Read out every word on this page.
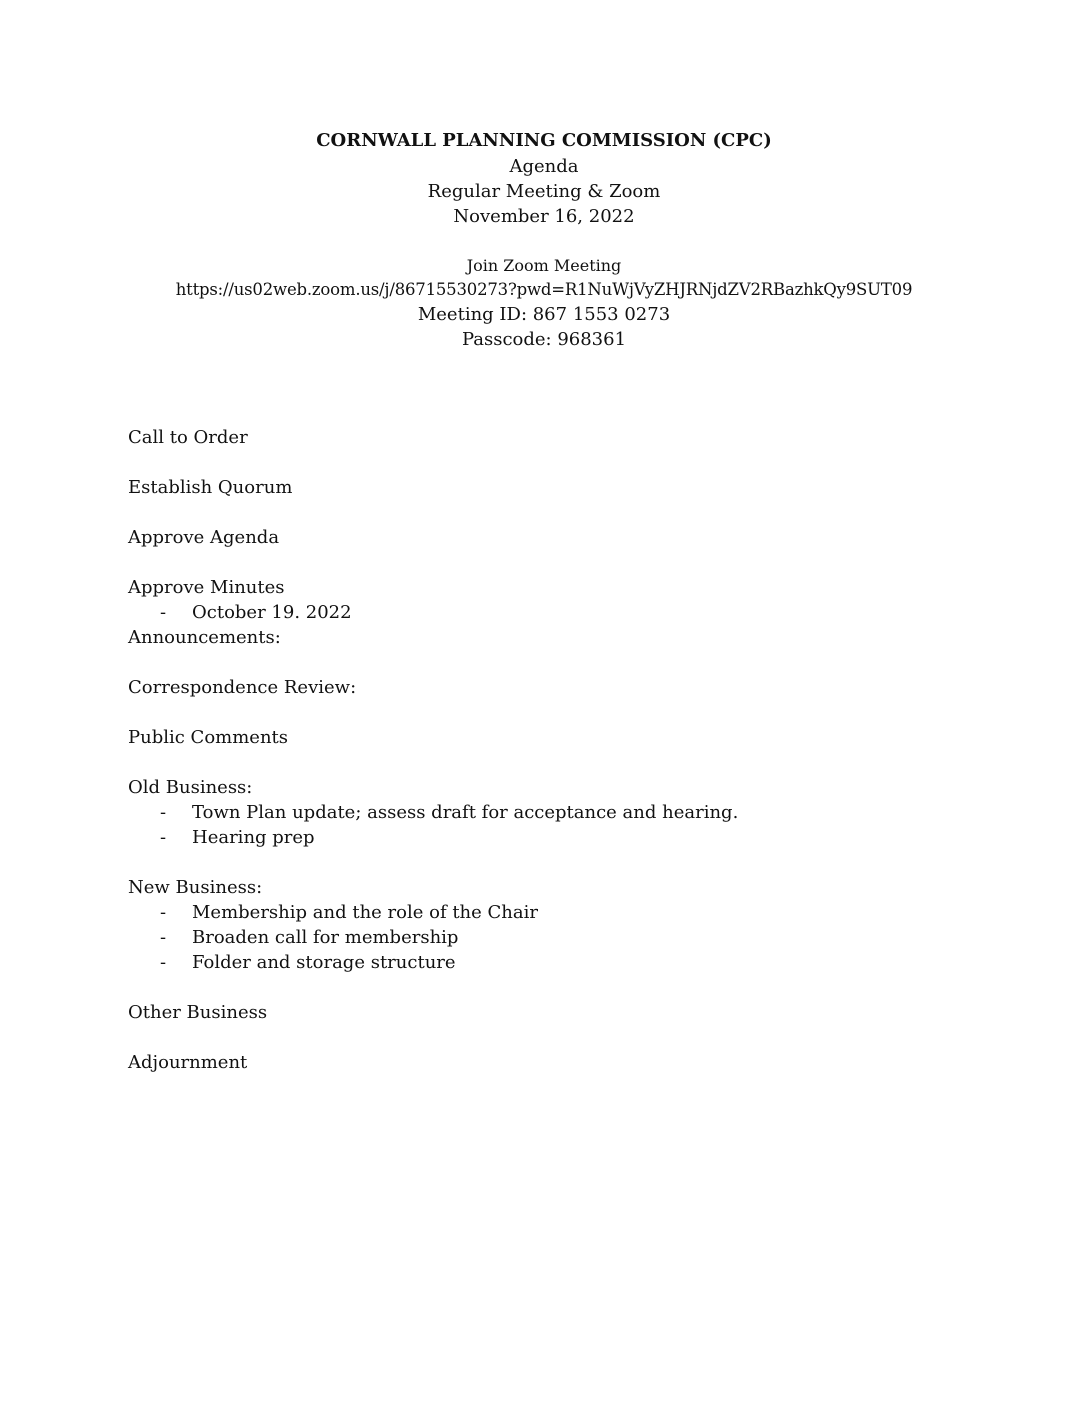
CORNWALL PLANNING COMMISSION (CPC)
Agenda
Regular Meeting & Zoom
November 16, 2022
Join Zoom Meeting
https://us02web.zoom.us/j/86715530273?pwd=R1NuWjVyZHJRNjdZV2RBazhkQy9SUT09
Meeting ID: 867 1553 0273
Passcode: 968361
Call to Order
Establish Quorum
Approve Agenda
Approve Minutes
- October 19. 2022
Announcements:
Correspondence Review:
Public Comments
Old Business:
- Town Plan update; assess draft for acceptance and hearing.
- Hearing prep
New Business:
- Membership and the role of the Chair
- Broaden call for membership
- Folder and storage structure
Other Business
Adjournment
